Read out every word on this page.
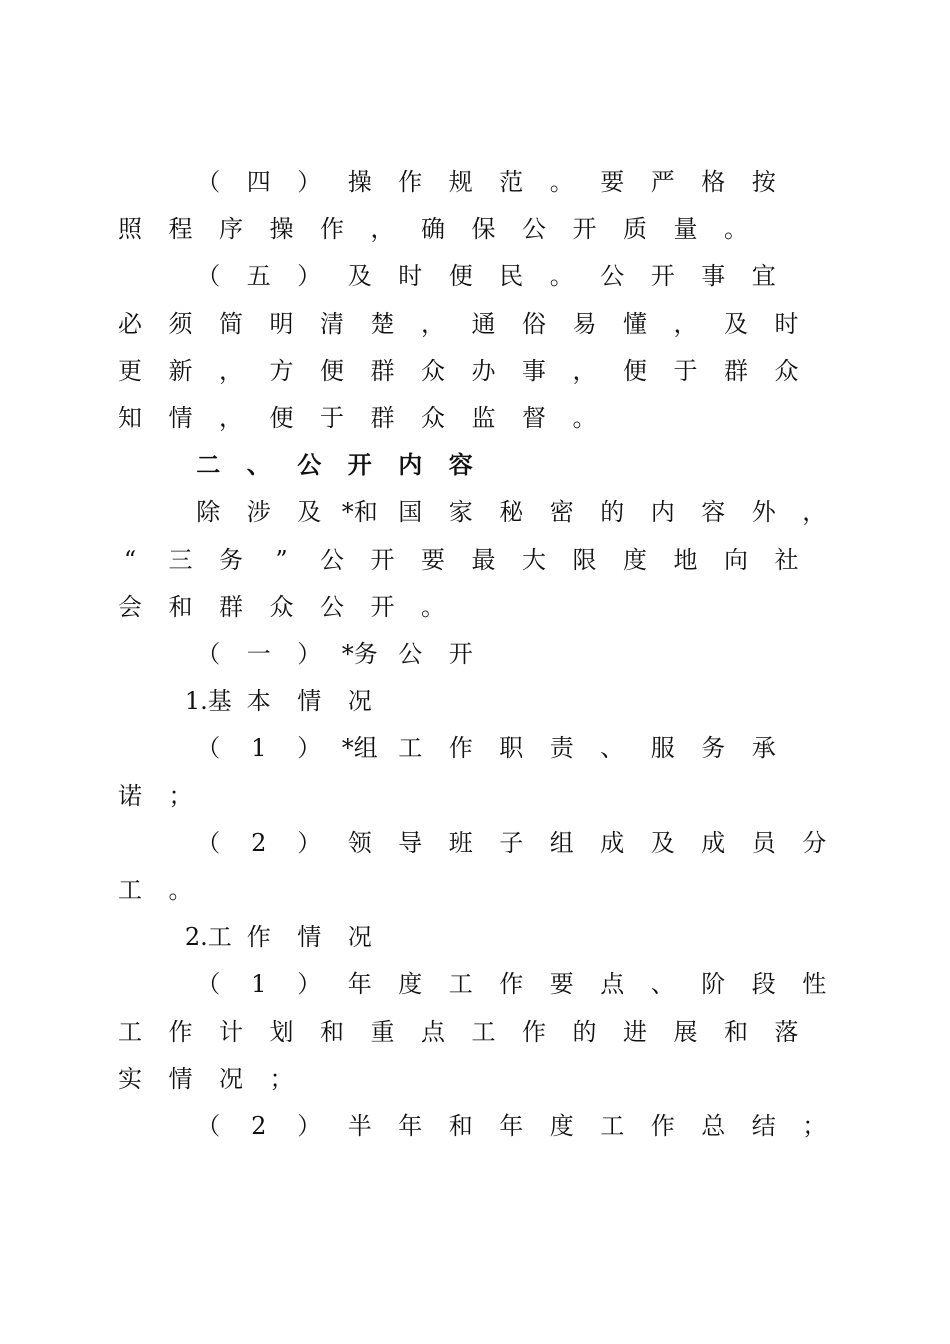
（ 四 ） 操 作 规 范 。 要 严 格 按
照 程 序 操 作 ， 确 保 公 开 质 量 。
（ 五 ） 及 时 便 民 。 公 开 事 宜
必 须 简 明 清 楚 ， 通 俗 易 懂 ， 及 时
更 新 ， 方 便 群 众 办 事 ， 便 于 群 众
知 情 ， 便 于 群 众 监 督 。
二 、 公 开 内 容
除 涉 及 *和 国 家 秘 密 的 内 容 外 ，
“ 三 务 ” 公 开 要 最 大 限 度 地 向 社
会 和 群 众 公 开 。
（ 一 ） *务 公 开
1.基 本 情 况
（ 1 ） *组 工 作 职 责 、 服 务 承
诺 ；
（ 2 ） 领 导 班 子 组 成 及 成 员 分
工 。
2.工 作 情 况
（ 1 ） 年 度 工 作 要 点 、 阶 段 性
工 作 计 划 和 重 点 工 作 的 进 展 和 落
实 情 况 ；
（ 2 ） 半 年 和 年 度 工 作 总 结 ；
